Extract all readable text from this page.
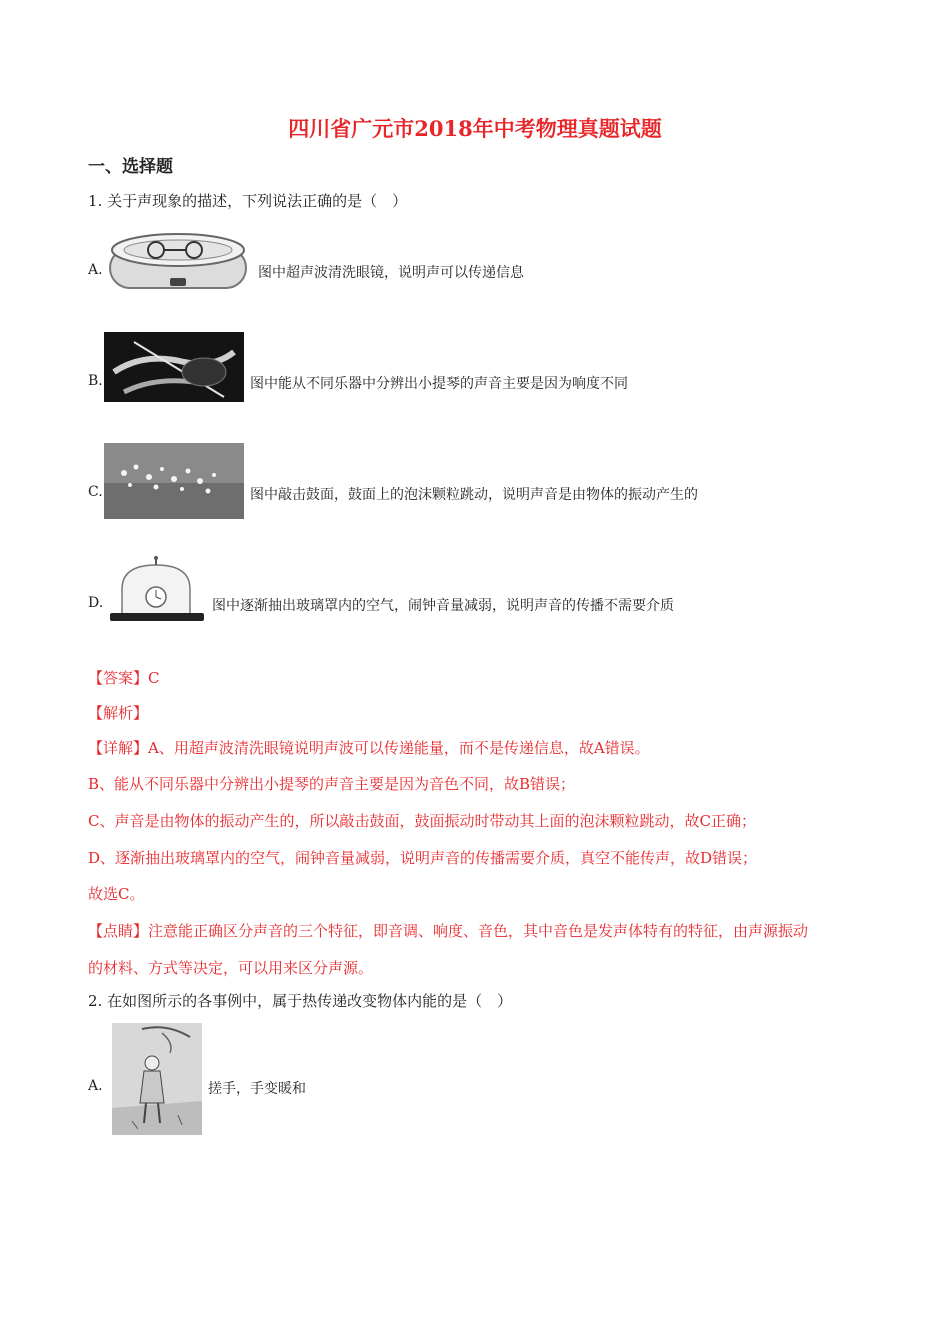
四川省广元市2018年中考物理真题试题
一、选择题
1. 关于声现象的描述，下列说法正确的是（　）
A.	图中超声波清洗眼镜，说明声可以传递信息
B.	图中能从不同乐器中分辨出小提琴的声音主要是因为响度不同
C.	图中敲击鼓面，鼓面上的泡沫颗粒跳动，说明声音是由物体的振动产生的
D.	图中逐渐抽出玻璃罩内的空气，闹钟音量减弱，说明声音的传播不需要介质
【答案】C
【解析】
【详解】A、用超声波清洗眼镜说明声波可以传递能量，而不是传递信息，故A错误。
B、能从不同乐器中分辨出小提琴的声音主要是因为音色不同，故B错误；
C、声音是由物体的振动产生的，所以敲击鼓面，鼓面振动时带动其上面的泡沫颗粒跳动，故C正确；
D、逐渐抽出玻璃罩内的空气，闹钟音量减弱，说明声音的传播需要介质，真空不能传声，故D错误；
故选C。
【点睛】注意能正确区分声音的三个特征，即音调、响度、音色，其中音色是发声体特有的特征，由声源振动
的材料、方式等决定，可以用来区分声源。
2. 在如图所示的各事例中，属于热传递改变物体内能的是（　）
A.	搓手，手变暖和
